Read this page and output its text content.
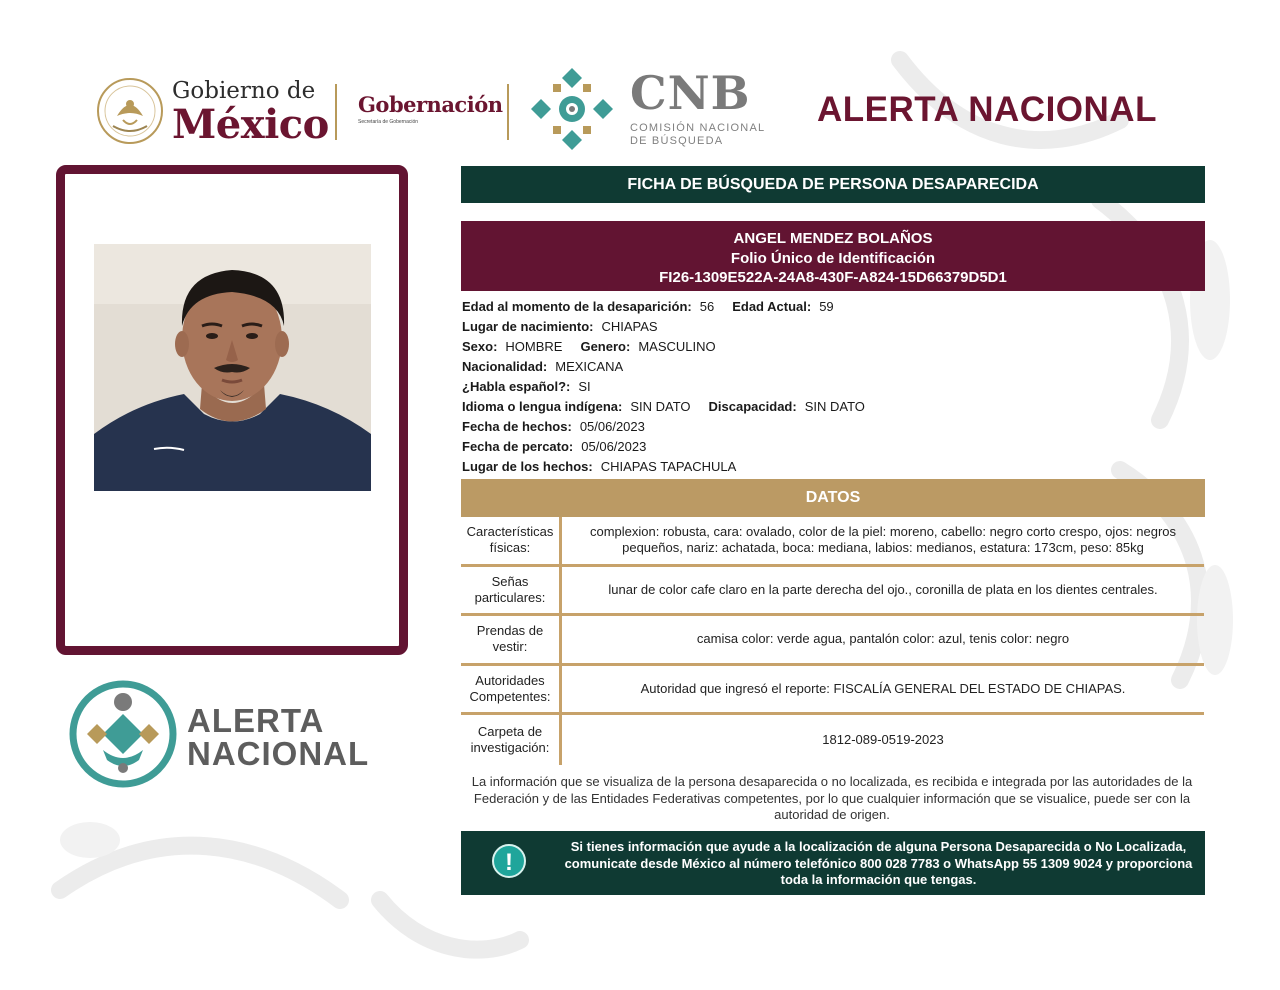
Gobierno de
México Gobernación
Secretaría de Gobernación
CNB
COMISIÓN NACIONAL
DE BÚSQUEDA
ALERTA NACIONAL
ALERTA
NACIONAL
FICHA DE BÚSQUEDA DE PERSONA DESAPARECIDA
ANGEL MENDEZ BOLAÑOS
Folio Único de Identificación
FI26-1309E522A-24A8-430F-A824-15D66379D5D1
Edad al momento de la desaparición: 56 Edad Actual: 59
Lugar de nacimiento: CHIAPAS
Sexo: HOMBRE Genero: MASCULINO
Nacionalidad: MEXICANA
¿Habla español?: SI
Idioma o lengua indígena: SIN DATO Discapacidad: SIN DATO
Fecha de hechos: 05/06/2023
Fecha de percato: 05/06/2023
Lugar de los hechos: CHIAPAS TAPACHULA
DATOS
Características físicas:
complexion: robusta, cara: ovalado, color de la piel: moreno, cabello: negro corto crespo, ojos: negros pequeños, nariz: achatada, boca: mediana, labios: medianos, estatura: 173cm, peso: 85kg
Señas particulares:
lunar de color cafe claro en la parte derecha del ojo., coronilla de plata en los dientes centrales.
Prendas de vestir:
camisa color: verde agua, pantalón color: azul, tenis color: negro
Autoridades Competentes:
Autoridad que ingresó el reporte: FISCALÍA GENERAL DEL ESTADO DE CHIAPAS.
Carpeta de investigación:
1812-089-0519-2023
La información que se visualiza de la persona desaparecida o no localizada, es recibida e integrada por las autoridades de la Federación y de las Entidades Federativas competentes, por lo que cualquier información que se visualice, puede ser con la autoridad de origen.
!
Si tienes información que ayude a la localización de alguna Persona Desaparecida o No Localizada, comunicate desde México al número telefónico 800 028 7783 o WhatsApp 55 1309 9024 y proporciona toda la información que tengas.
